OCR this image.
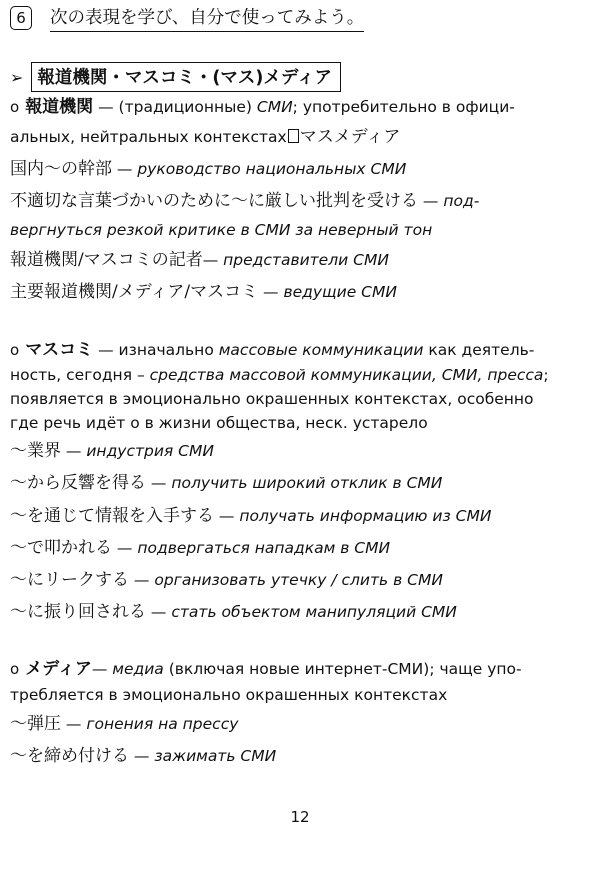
6	次の表現を学び、自分で使ってみよう。
➢ 報道機関・マスコミ・(マス)メディア
o 報道機関 — (традиционные) СМИ; употребительно в офици-
альных, нейтральных контекстах マスメディア
国内～の幹部 — руководство национальных СМИ
不適切な言葉づかいのために～に厳しい批判を受ける — под-
вергнуться резкой критике в СМИ за неверный тон
報道機関/マスコミの記者— представители СМИ
主要報道機関/メディア/マスコミ — ведущие СМИ
o マスコミ — изначально массовые коммуникации как деятель-
ность, сегодня – средства массовой коммуникации, СМИ, пресса;
появляется в эмоционально окрашенных контекстах, особенно
где речь идёт о в жизни общества, неск. устарело
～業界 — индустрия СМИ
～から反響を得る — получить широкий отклик в СМИ
～を通じて情報を入手する — получать информацию из СМИ
～で叩かれる — подвергаться нападкам в СМИ
～にリークする — организовать утечку / слить в СМИ
～に振り回される — стать объектом манипуляций СМИ
o メディア— медиа (включая новые интернет-СМИ); чаще упо-
требляется в эмоционально окрашенных контекстах
～弾圧 — гонения на прессу
～を締め付ける — зажимать СМИ
12
